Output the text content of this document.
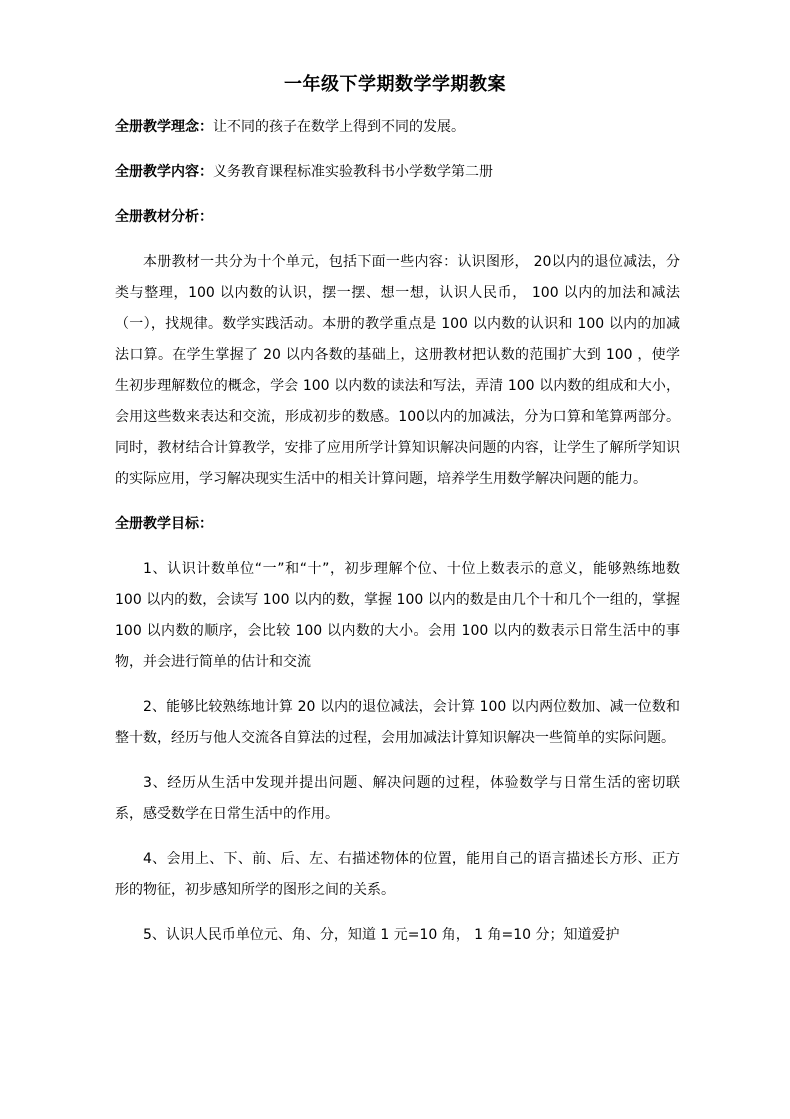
一年级下学期数学学期教案

全册教学理念：让不同的孩子在数学上得到不同的发展。

全册教学内容：义务教育课程标准实验教科书小学数学第二册

全册教材分析：

本册教材一共分为十个单元，包括下面一些内容：认识图形， 20以内的退位减法，分类与整理，100 以内数的认识，摆一摆、想一想，认识人民币， 100 以内的加法和减法（一），找规律。数学实践活动。本册的教学重点是 100 以内数的认识和 100 以内的加减法口算。在学生掌握了 20 以内各数的基础上，这册教材把认数的范围扩大到 100 ，使学生初步理解数位的概念，学会 100 以内数的读法和写法，弄清 100 以内数的组成和大小，会用这些数来表达和交流，形成初步的数感。100以内的加减法，分为口算和笔算两部分。同时，教材结合计算教学，安排了应用所学计算知识解决问题的内容，让学生了解所学知识的实际应用，学习解决现实生活中的相关计算问题，培养学生用数学解决问题的能力。

全册教学目标：

1、认识计数单位“一”和“十”，初步理解个位、十位上数表示的意义，能够熟练地数 100 以内的数，会读写 100 以内的数，掌握 100 以内的数是由几个十和几个一组的，掌握 100 以内数的顺序，会比较 100 以内数的大小。会用 100 以内的数表示日常生活中的事物，并会进行简单的估计和交流

2、能够比较熟练地计算 20 以内的退位减法，会计算 100 以内两位数加、减一位数和整十数，经历与他人交流各自算法的过程，会用加减法计算知识解决一些简单的实际问题。

3、经历从生活中发现并提出问题、解决问题的过程，体验数学与日常生活的密切联系，感受数学在日常生活中的作用。

4、会用上、下、前、后、左、右描述物体的位置，能用自己的语言描述长方形、正方形的物征，初步感知所学的图形之间的关系。

5、认识人民币单位元、角、分，知道 1 元=10 角， 1 角=10 分；知道爱护
